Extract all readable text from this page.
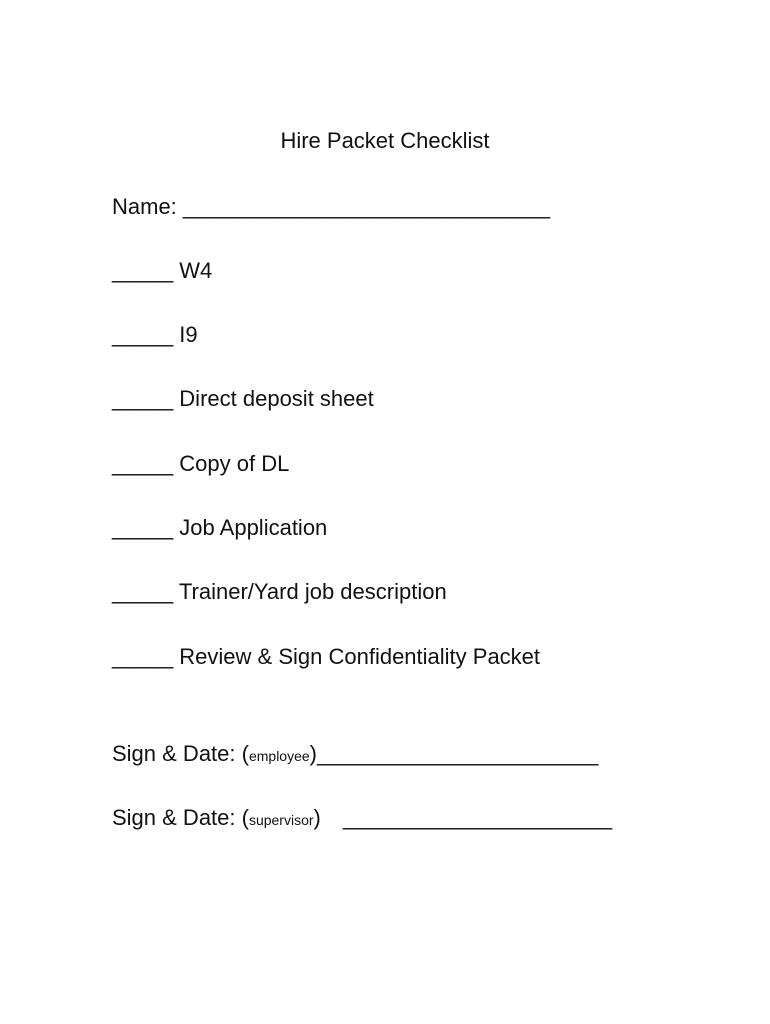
Hire Packet Checklist
Name: ______________________________
_____ W4
_____ I9
_____ Direct deposit sheet
_____ Copy of DL
_____ Job Application
_____ Trainer/Yard job description
_____ Review & Sign Confidentiality Packet
Sign & Date: (employee)_______________________
Sign & Date: (supervisor) ______________________
